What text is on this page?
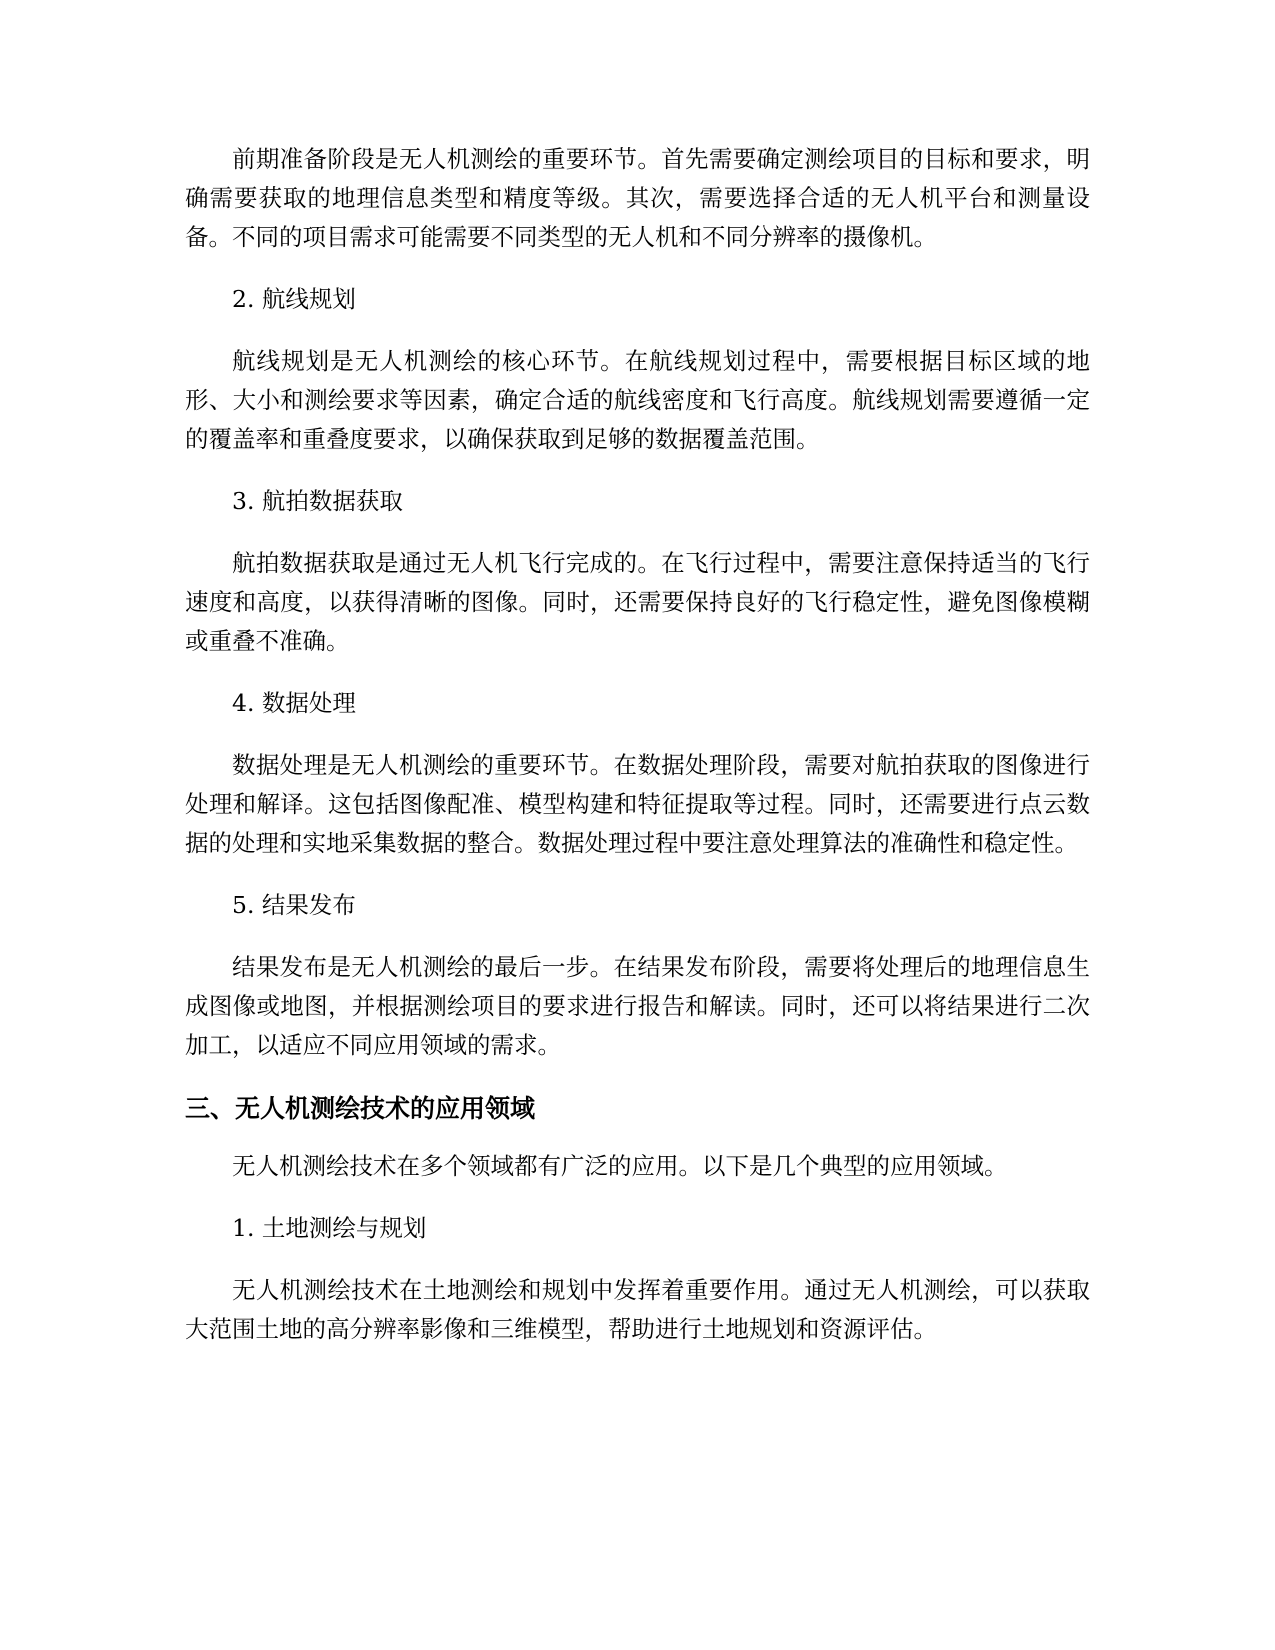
前期准备阶段是无人机测绘的重要环节。首先需要确定测绘项目的目标和要求，明确需要获取的地理信息类型和精度等级。其次，需要选择合适的无人机平台和测量设备。不同的项目需求可能需要不同类型的无人机和不同分辨率的摄像机。

2. 航线规划

航线规划是无人机测绘的核心环节。在航线规划过程中，需要根据目标区域的地形、大小和测绘要求等因素，确定合适的航线密度和飞行高度。航线规划需要遵循一定的覆盖率和重叠度要求，以确保获取到足够的数据覆盖范围。

3. 航拍数据获取

航拍数据获取是通过无人机飞行完成的。在飞行过程中，需要注意保持适当的飞行速度和高度，以获得清晰的图像。同时，还需要保持良好的飞行稳定性，避免图像模糊或重叠不准确。

4. 数据处理

数据处理是无人机测绘的重要环节。在数据处理阶段，需要对航拍获取的图像进行处理和解译。这包括图像配准、模型构建和特征提取等过程。同时，还需要进行点云数据的处理和实地采集数据的整合。数据处理过程中要注意处理算法的准确性和稳定性。

5. 结果发布

结果发布是无人机测绘的最后一步。在结果发布阶段，需要将处理后的地理信息生成图像或地图，并根据测绘项目的要求进行报告和解读。同时，还可以将结果进行二次加工，以适应不同应用领域的需求。

三、无人机测绘技术的应用领域

无人机测绘技术在多个领域都有广泛的应用。以下是几个典型的应用领域。

1. 土地测绘与规划

无人机测绘技术在土地测绘和规划中发挥着重要作用。通过无人机测绘，可以获取大范围土地的高分辨率影像和三维模型，帮助进行土地规划和资源评估。
